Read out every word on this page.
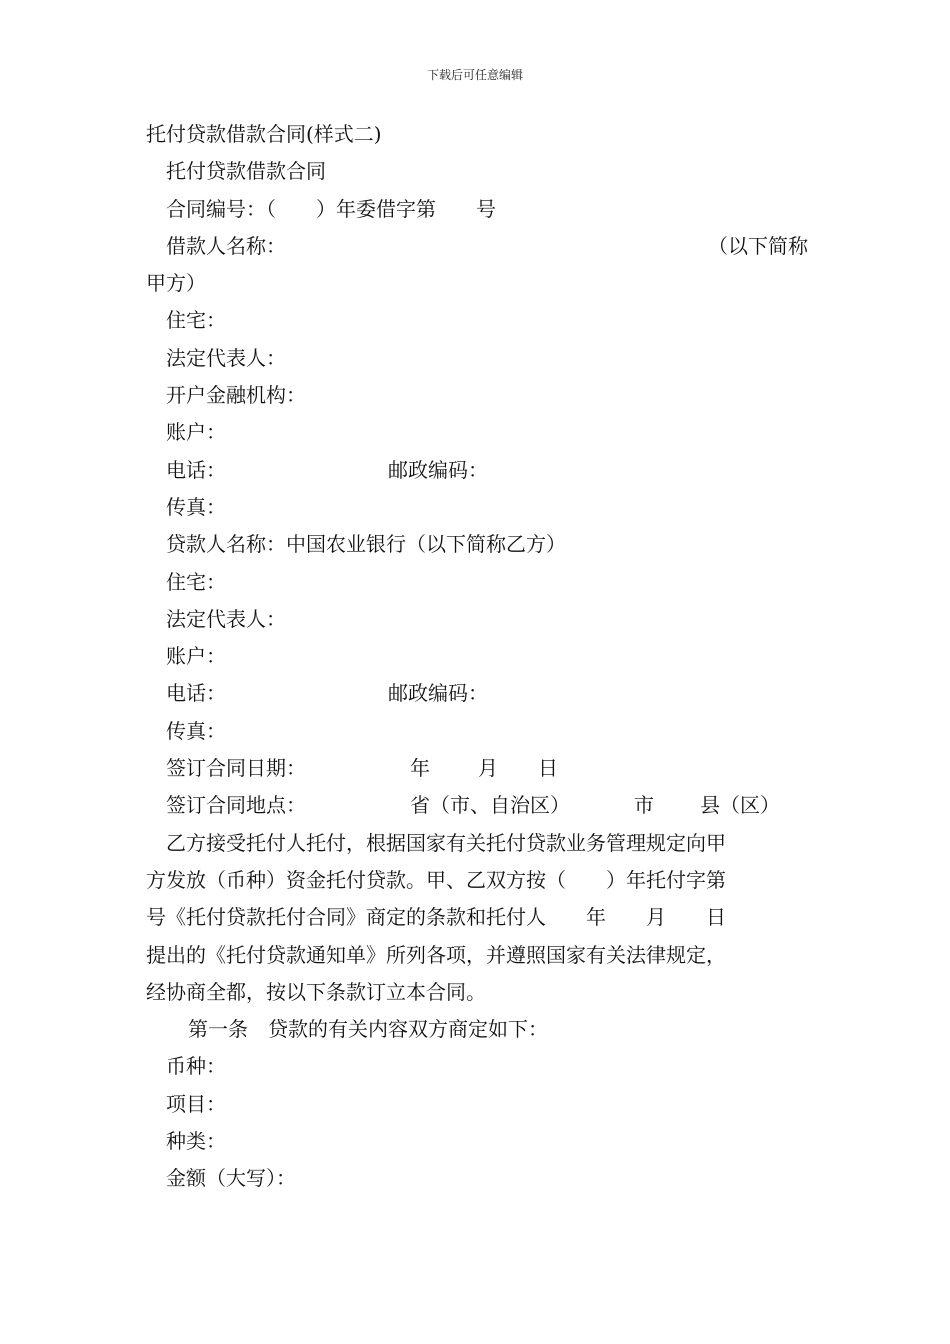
下载后可任意编辑
托付贷款借款合同(样式二)
托付贷款借款合同
合同编号：（　　）年委借字第　　号
借款人名称：	（以下简称
甲方）
住宅：
法定代表人：
开户金融机构：
账户：
电话：	邮政编码：
传真：
贷款人名称：中国农业银行（以下简称乙方）
住宅：
法定代表人：
账户：
电话：	邮政编码：
传真：
签订合同日期：	年 月 日
签订合同地点：	省（市、自治区）	市 县（区）
乙方接受托付人托付，根据国家有关托付贷款业务管理规定向甲
方发放（币种）资金托付贷款。甲、乙双方按（　　）年托付字第
号《托付贷款托付合同》商定的条款和托付人　　年　　月　　日
提出的《托付贷款通知单》所列各项，并遵照国家有关法律规定，
经协商全都，按以下条款订立本合同。
第一条　贷款的有关内容双方商定如下：
币种：
项目：
种类：
金额（大写）：
